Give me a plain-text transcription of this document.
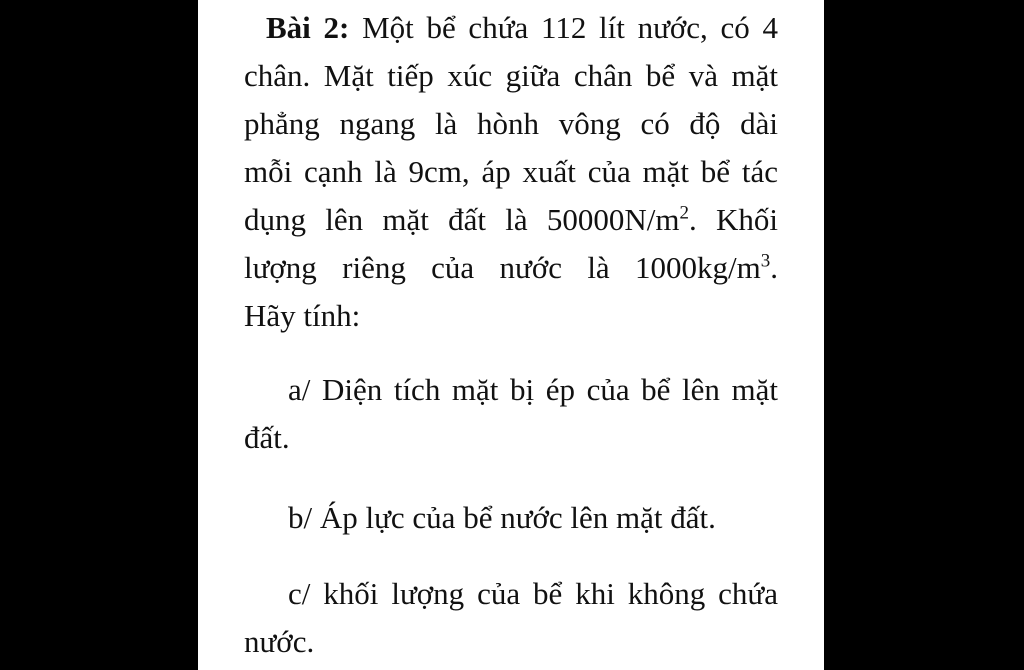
Bài 2: Một bể chứa 112 lít nước, có 4
chân. Mặt tiếp xúc giữa chân bể và mặt
phẳng ngang là hònh vông có độ dài
mỗi cạnh là 9cm, áp xuất của mặt bể tác
dụng lên mặt đất là $50000N/m^2$. Khối
lượng riêng của nước là $1000kg/m^3$.
Hãy tính:
a/ Diện tích mặt bị ép của bể lên mặt
đất.
b/ Áp lực của bể nước lên mặt đất.
c/ khối lượng của bể khi không chứa
nước.
